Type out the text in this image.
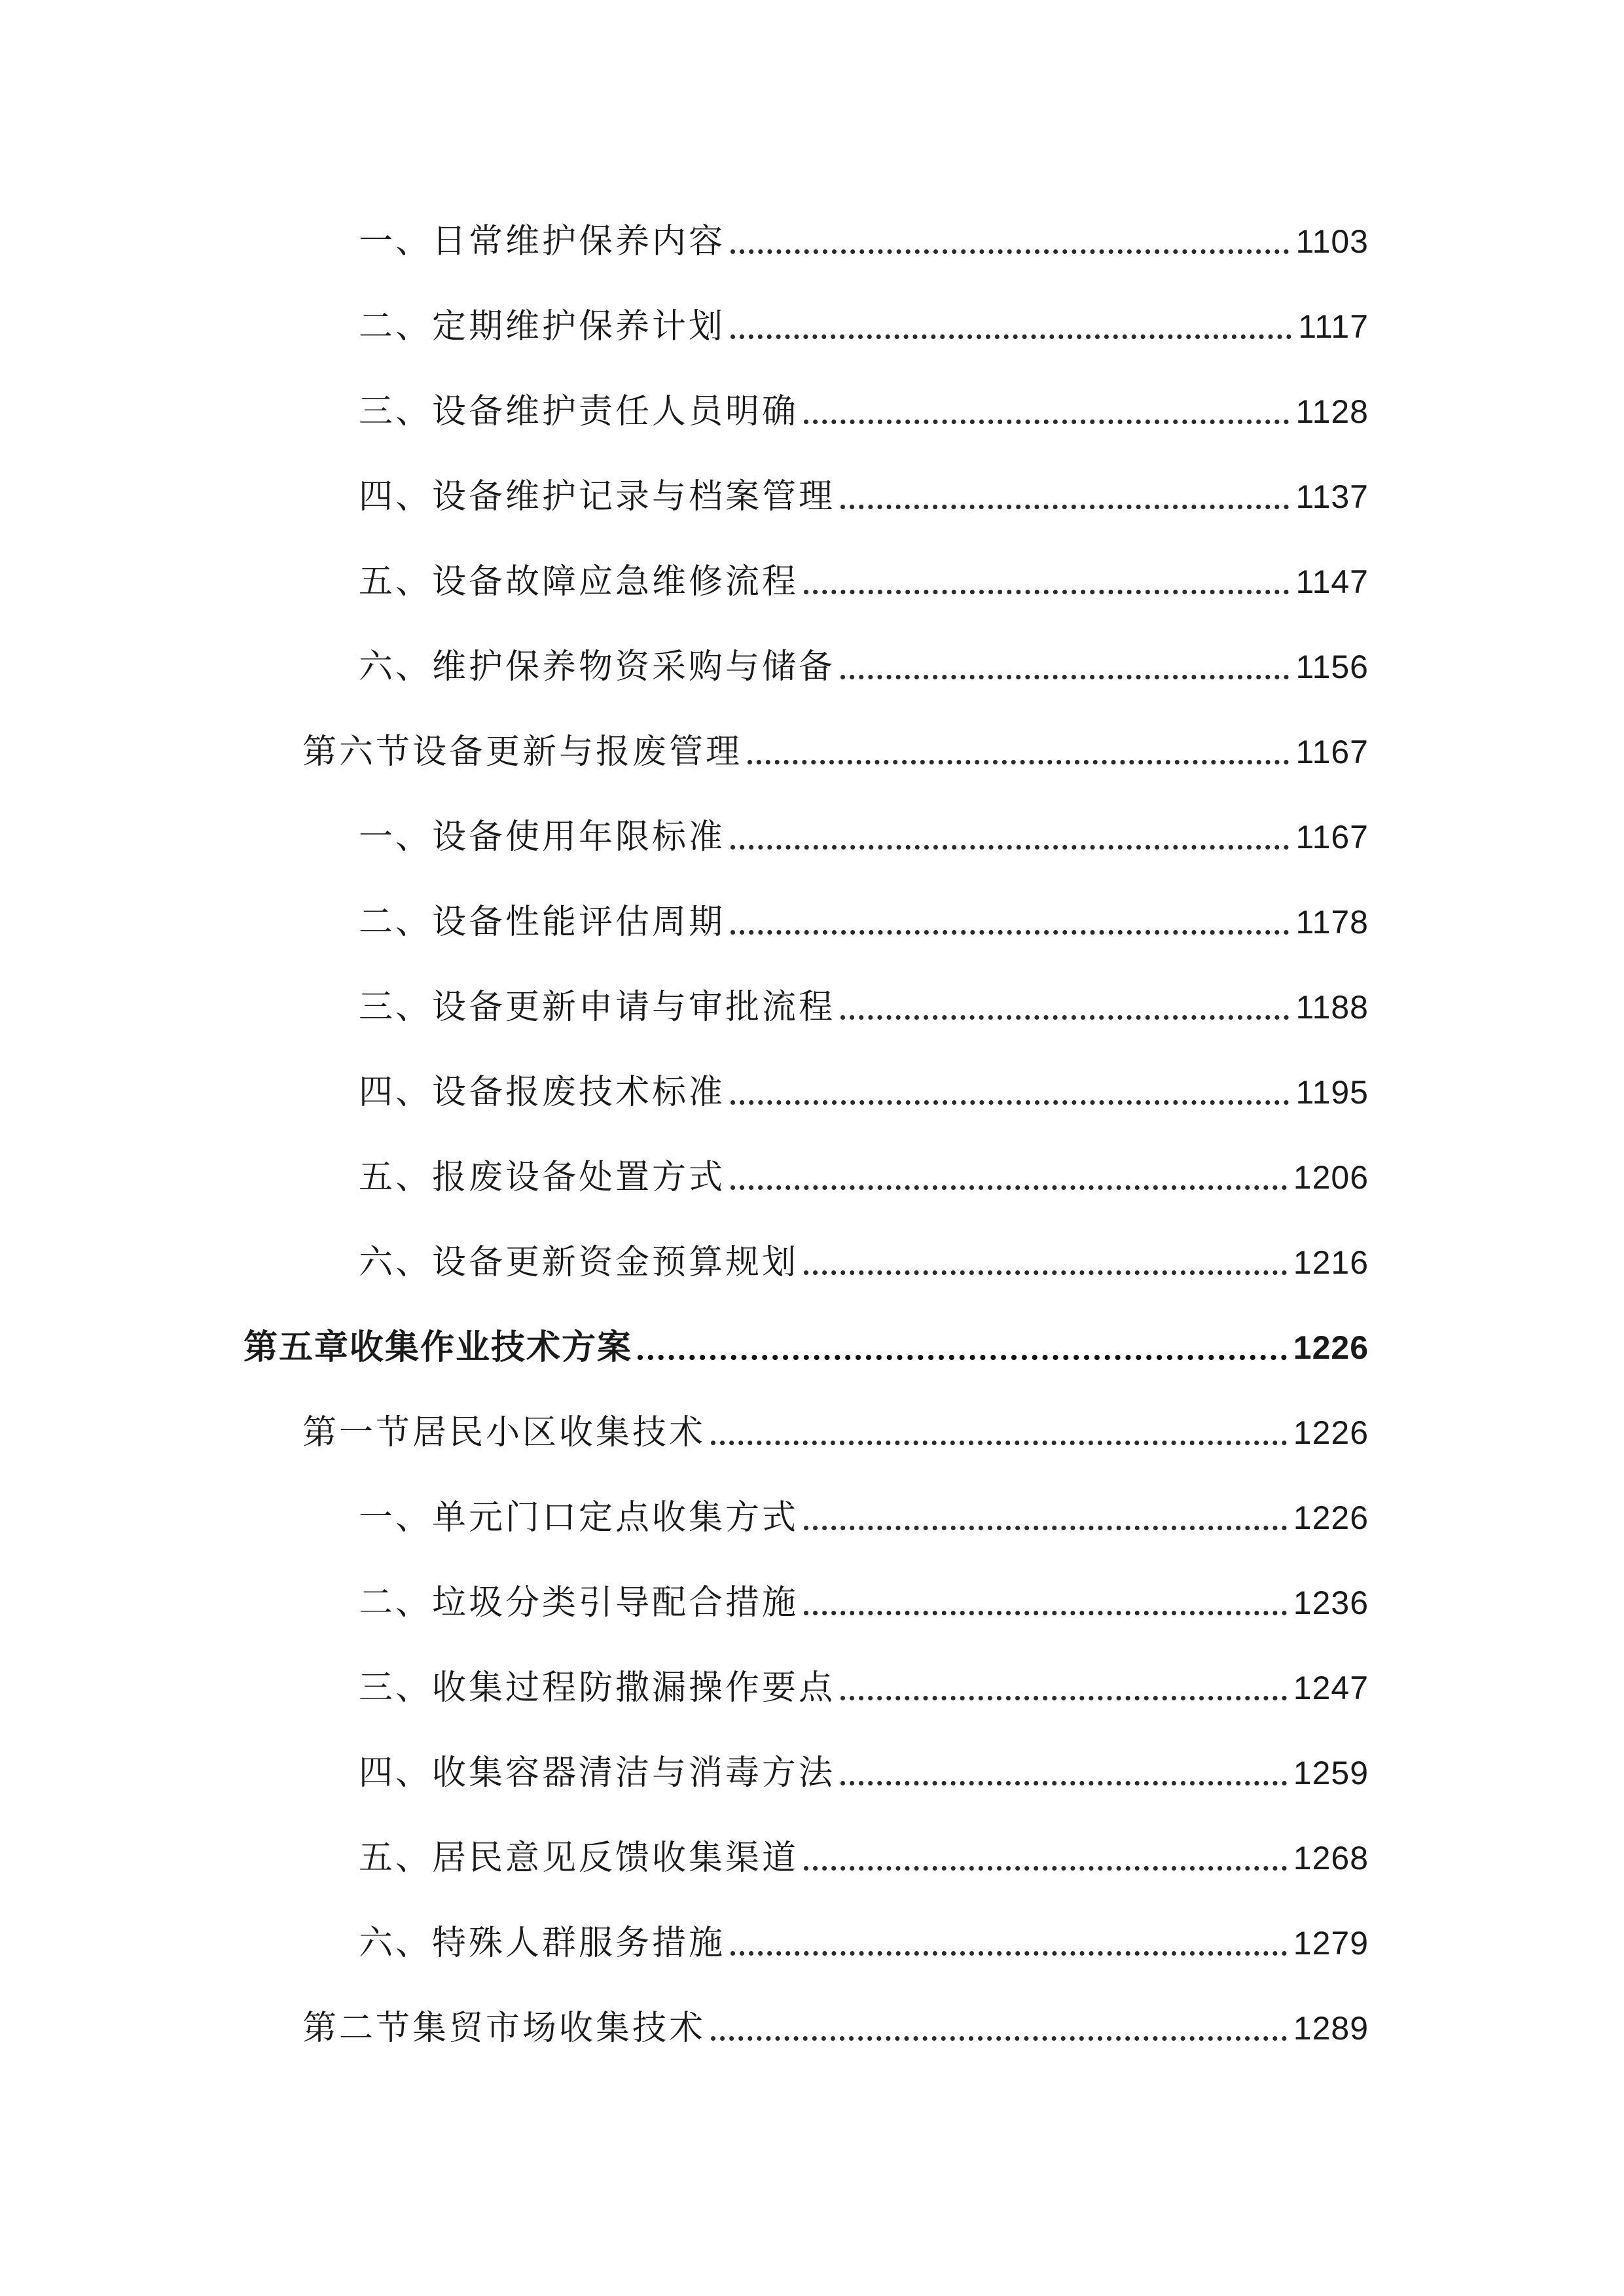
一、日常维护保养内容	1103
二、定期维护保养计划	1117
三、设备维护责任人员明确	1128
四、设备维护记录与档案管理	1137
五、设备故障应急维修流程	1147
六、维护保养物资采购与储备	1156
第六节设备更新与报废管理	1167
一、设备使用年限标准	1167
二、设备性能评估周期	1178
三、设备更新申请与审批流程	1188
四、设备报废技术标准	1195
五、报废设备处置方式	1206
六、设备更新资金预算规划	1216
第五章收集作业技术方案	1226
第一节居民小区收集技术	1226
一、单元门口定点收集方式	1226
二、垃圾分类引导配合措施	1236
三、收集过程防撒漏操作要点	1247
四、收集容器清洁与消毒方法	1259
五、居民意见反馈收集渠道	1268
六、特殊人群服务措施	1279
第二节集贸市场收集技术	1289
